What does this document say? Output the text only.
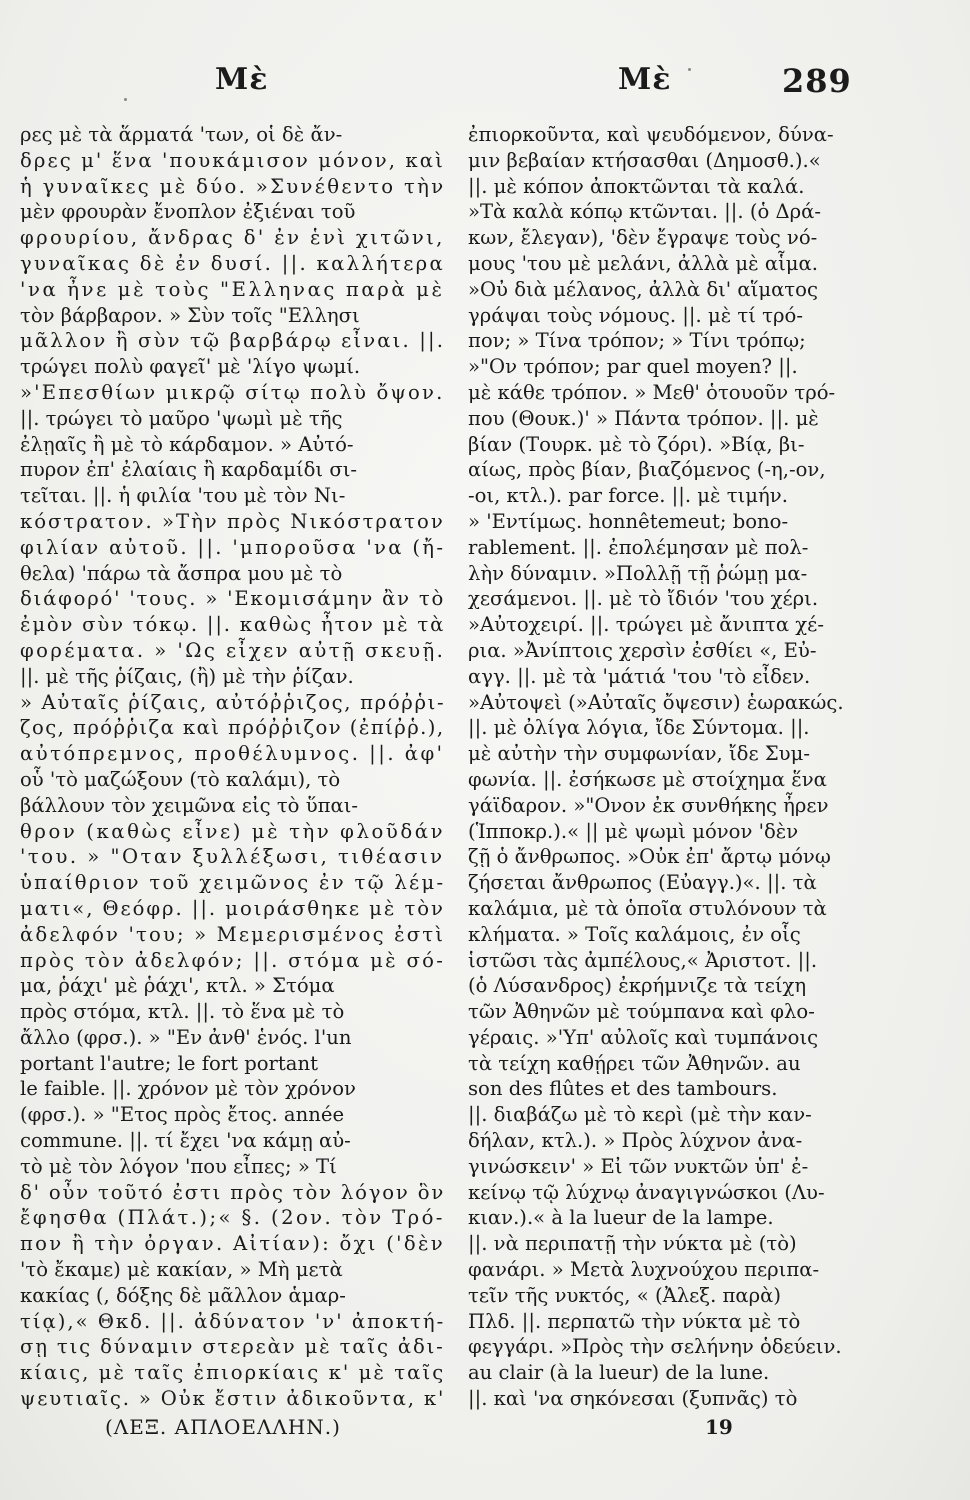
Μὲ	Μὲ	289
ρες μὲ τὰ ἅρματά 'των, οἱ δὲ ἄν-
δρες μ' ἕνα 'πουκάμισον μόνον, καὶ
ἡ γυναῖκες μὲ δύο. »Συνέθεντο τὴν
μὲν φρουρὰν ἔνοπλον ἐξιέναι τοῦ
φρουρίου, ἄνδρας δ' ἐν ἑνὶ χιτῶνι,
γυναῖκας δὲ ἐν δυσί. ||. καλλήτερα
'να ἦνε μὲ τοὺς "Ελληνας παρὰ μὲ
τὸν βάρβαρον. » Σὺν τοῖς "Ελλησι
μᾶλλον ἢ σὺν τῷ βαρβάρῳ εἶναι. ||.
τρώγει πολὺ φαγεῖ' μὲ 'λίγο ψωμί.
»'Επεσθίων μικρῷ σίτῳ πολὺ ὄψον.
||. τρώγει τὸ μαῦρο 'ψωμὶ μὲ τῆς
ἐλῃαῖς ἢ μὲ τὸ κάρδαμον. » Αὐτό-
πυρον ἐπ' ἐλαίαις ἢ καρδαμίδι σι-
τεῖται. ||. ἡ φιλία 'του μὲ τὸν Νι-
κόστρατον. »Τὴν πρὸς Νικόστρατον
φιλίαν αὐτοῦ. ||. 'μποροῦσα 'να (ἤ-
θελα) 'πάρω τὰ ἄσπρα μου μὲ τὸ
διάφορό' 'τους. » 'Εκομισάμην ἂν τὸ
ἐμὸν σὺν τόκῳ. ||. καθὼς ἦτον μὲ τὰ
φορέματα. » 'Ως εἶχεν αὐτῇ σκευῇ.
||. μὲ τῆς ῥίζαις, (ἢ) μὲ τὴν ῥίζαν.
» Αὐταῖς ῥίζαις, αὐτόῤῥιζος, πρόῤῥι-
ζος, πρόῤῥιζα καὶ πρόῤῥιζον (ἐπίῤῥ.),
αὐτόπρεμνος, προθέλυμνος. ||. ἀφ'
οὗ 'τὸ μαζώξουν (τὸ καλάμι), τὸ
βάλλουν τὸν χειμῶνα εἰς τὸ ὕπαι-
θρον (καθὼς εἶνε) μὲ τὴν φλοῦδάν
'του. » "Οταν ξυλλέξωσι, τιθέασιν
ὑπαίθριον τοῦ χειμῶνος ἐν τῷ λέμ-
ματι«, Θεόφρ. ||. μοιράσθηκε μὲ τὸν
ἀδελφόν 'του; » Μεμερισμένος ἐστὶ
πρὸς τὸν ἀδελφόν; ||. στόμα μὲ σό-
μα, ῥάχι' μὲ ῥάχι', κτλ. » Στόμα
πρὸς στόμα, κτλ. ||. τὸ ἕνα μὲ τὸ
ἄλλο (φρσ.). » "Εν ἀνθ' ἑνός. l'un
portant l'autre; le fort portant
le faible. ||. χρόνον μὲ τὸν χρόνον
(φρσ.). » "Ετος πρὸς ἔτος. année
commune. ||. τί ἔχει 'να κάμῃ αὐ-
τὸ μὲ τὸν λόγον 'που εἶπες; » Τί
δ' οὖν τοῦτό ἐστι πρὸς τὸν λόγον ὃν
ἔφησθα (Πλάτ.);« §. (2ον. τὸν Τρό-
πον ἢ τὴν ὀργαν. Αἰτίαν): ὄχι ('δὲν
'τὸ ἔκαμε) μὲ κακίαν, » Μὴ μετὰ
κακίας (, δόξης δὲ μᾶλλον ἁμαρ-
τίᾳ),« Θκδ. ||. ἀδύνατον 'ν' ἀποκτή-
σῃ τις δύναμιν στερεὰν μὲ ταῖς ἀδι-
κίαις, μὲ ταῖς ἐπιορκίαις κ' μὲ ταῖς
ψευτιαῖς. » Οὐκ ἔστιν ἀδικοῦντα, κ'
ἐπιορκοῦντα, καὶ ψευδόμενον, δύνα-
μιν βεβαίαν κτήσασθαι (Δημοσθ.).«
||. μὲ κόπον ἀποκτῶνται τὰ καλά.
»Τὰ καλὰ κόπῳ κτῶνται. ||. (ὁ Δρά-
κων, ἔλεγαν), 'δὲν ἔγραψε τοὺς νό-
μους 'του μὲ μελάνι, ἀλλὰ μὲ αἷμα.
»Οὐ διὰ μέλανος, ἀλλὰ δι' αἵματος
γράψαι τοὺς νόμους. ||. μὲ τί τρό-
πον; » Τίνα τρόπον; » Τίνι τρόπῳ;
»"Ον τρόπον; par quel moyen? ||.
μὲ κάθε τρόπον. » Μεθ' ὁτουοῦν τρό-
που (Θουκ.)' » Πάντα τρόπον. ||. μὲ
βίαν (Τουρκ. μὲ τὸ ζόρι). »Βίᾳ, βι-
αίως, πρὸς βίαν, βιαζόμενος (-η,-ον,
-οι, κτλ.). par force. ||. μὲ τιμήν.
» 'Εντίμως. honnêtemeut; bono-
rablement. ||. ἐπολέμησαν μὲ πολ-
λὴν δύναμιν. »Πολλῇ τῇ ῥώμῃ μα-
χεσάμενοι. ||. μὲ τὸ ἴδιόν 'του χέρι.
»Αὐτοχειρί. ||. τρώγει μὲ ἄνιπτα χέ-
ρια. »Ἀνίπτοις χερσὶν ἐσθίει «, Εὐ-
αγγ. ||. μὲ τὰ 'μάτιά 'του 'τὸ εἶδεν.
»Αὐτοψεὶ (»Αὐταῖς ὄψεσιν) ἑωρακώς.
||. μὲ ὀλίγα λόγια, ἴδε Σύντομα. ||.
μὲ αὐτὴν τὴν συμφωνίαν, ἴδε Συμ-
φωνία. ||. ἐσήκωσε μὲ στοίχημα ἕνα
γάϊδαρον. »"Ονον ἐκ συνθήκης ἦρεν
(Ἱπποκρ.).« || μὲ ψωμὶ μόνον 'δὲν
ζῇ ὁ ἄνθρωπος. »Οὐκ ἐπ' ἄρτῳ μόνῳ
ζήσεται ἄνθρωπος (Εὐαγγ.)«. ||. τὰ
καλάμια, μὲ τὰ ὁποῖα στυλόνουν τὰ
κλήματα. » Τοῖς καλάμοις, ἐν οἷς
ἱστῶσι τὰς ἀμπέλους,« Ἀριστοτ. ||.
(ὁ Λύσανδρος) ἐκρήμνιζε τὰ τείχη
τῶν Ἀθηνῶν μὲ τούμπανα καὶ φλο-
γέραις. »'Υπ' αὐλοῖς καὶ τυμπάνοις
τὰ τείχη καθῄρει τῶν Ἀθηνῶν. au
son des flûtes et des tambours.
||. διαβάζω μὲ τὸ κερὶ (μὲ τὴν καν-
δήλαν, κτλ.). » Πρὸς λύχνον ἀνα-
γινώσκειν' » Εἰ τῶν νυκτῶν ὑπ' ἐ-
κείνῳ τῷ λύχνῳ ἀναγιγνώσκοι (Λυ-
κιαν.).« à la lueur de la lampe.
||. νὰ περιπατῇ τὴν νύκτα μὲ (τὸ)
φανάρι. » Μετὰ λυχνούχου περιπα-
τεῖν τῆς νυκτός, « (Ἀλεξ. παρὰ)
Πλδ. ||. περπατῶ τὴν νύκτα μὲ τὸ
φεγγάρι. »Πρὸς τὴν σελήνην ὁδεύειν.
au clair (à la lueur) de la lune.
||. καὶ 'να σηκόνεσαι (ξυπνᾶς) τὸ
(ΛΕΞ. ΑΠΛΟΕΛΛΗΝ.)	19
